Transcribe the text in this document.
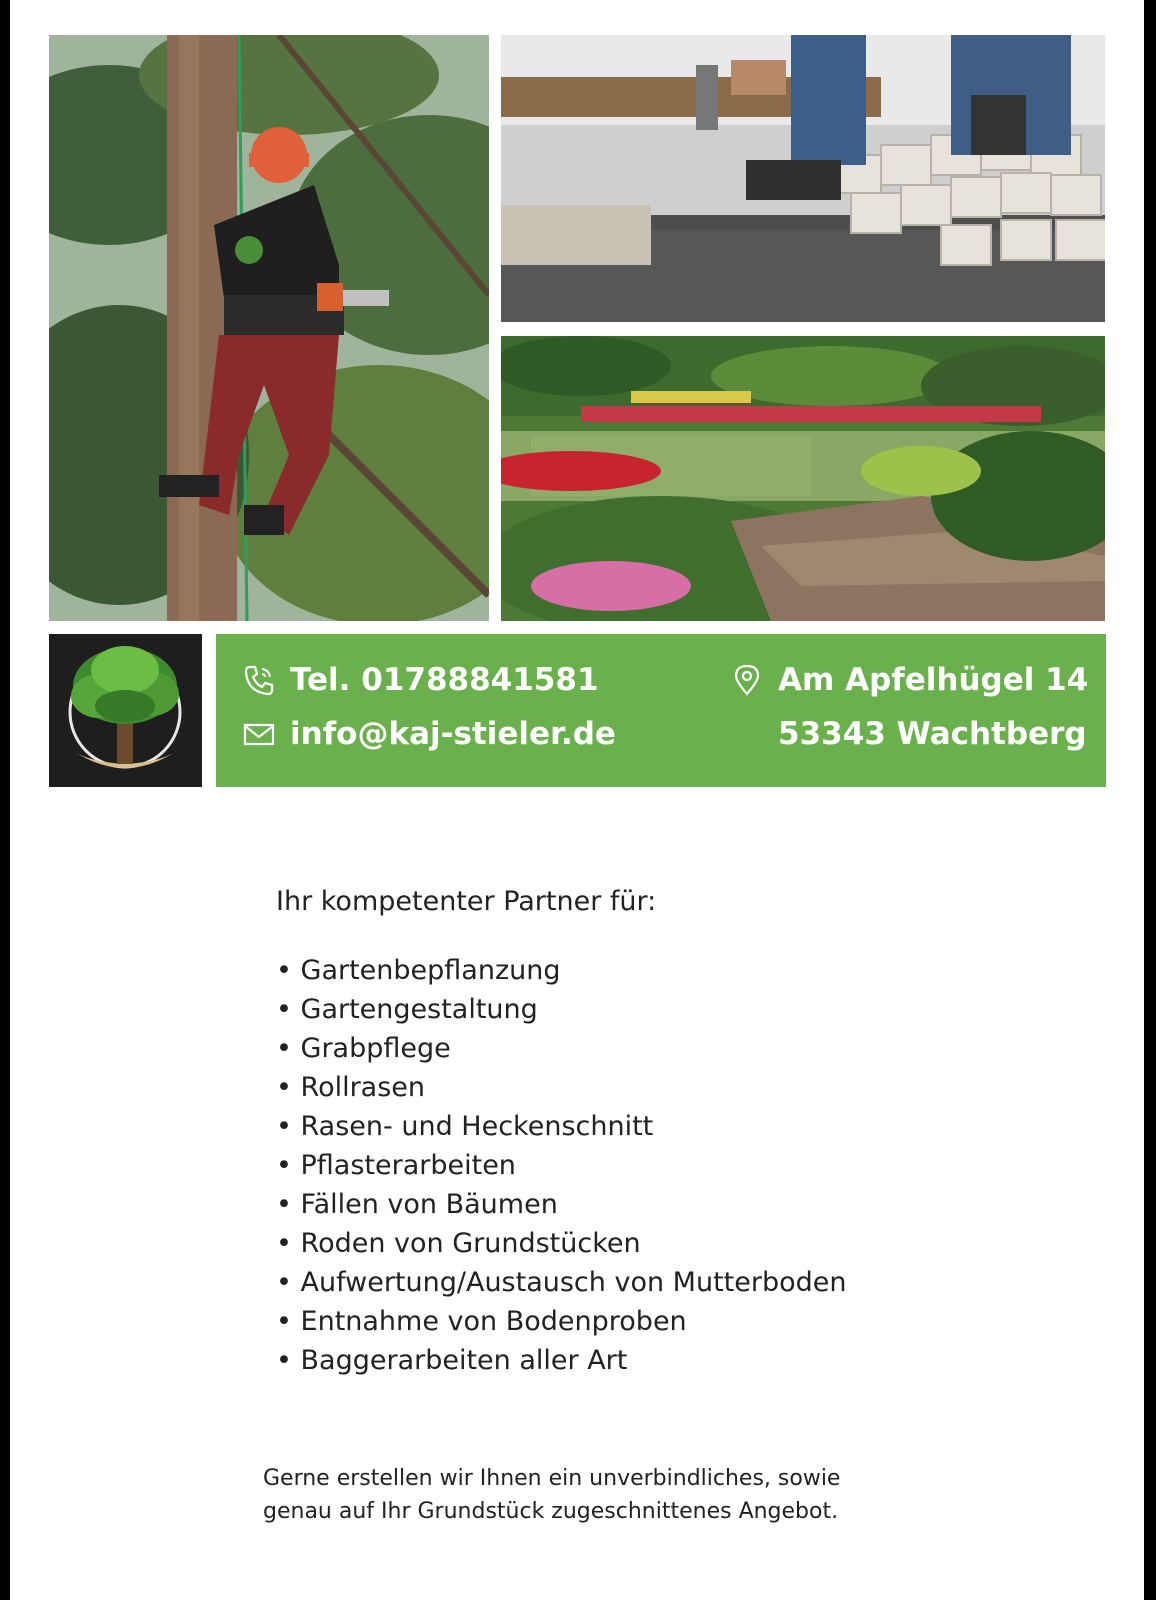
Tel. 01788841581
info@kaj-stieler.de
Am Apfelhügel 14
53343 Wachtberg
Ihr kompetenter Partner für:
• Gartenbepflanzung
• Gartengestaltung
• Grabpflege
• Rollrasen
• Rasen- und Heckenschnitt
• Pflasterarbeiten
• Fällen von Bäumen
• Roden von Grundstücken
• Aufwertung/Austausch von Mutterboden
• Entnahme von Bodenproben
• Baggerarbeiten aller Art
Gerne erstellen wir Ihnen ein unverbindliches, sowie
genau auf Ihr Grundstück zugeschnittenes Angebot.
